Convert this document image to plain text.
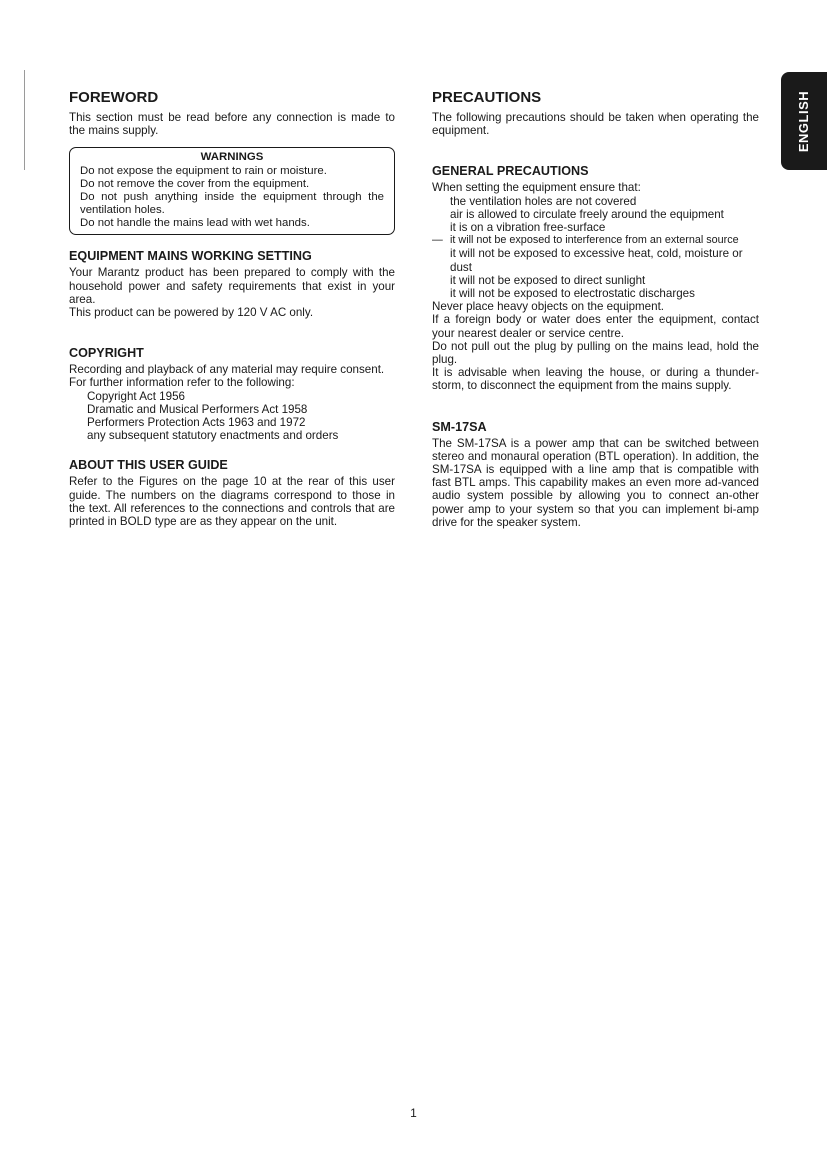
ENGLISH
FOREWORD

This section must be read before any connection is made to the mains supply.

WARNINGS
Do not expose the equipment to rain or moisture.
Do not remove the cover from the equipment.
Do not push anything inside the equipment through the ventilation holes.
Do not handle the mains lead with wet hands.
EQUIPMENT MAINS WORKING SETTING

Your Marantz product has been prepared to comply with the household power and safety requirements that exist in your area.

This product can be powered by 120 V AC only.

COPYRIGHT

Recording and playback of any material may require consent.

For further information refer to the following:

Copyright Act 1956
Dramatic and Musical Performers Act 1958
Performers Protection Acts 1963 and 1972
any subsequent statutory enactments and orders
ABOUT THIS USER GUIDE

Refer to the Figures on the page 10 at the rear of this user guide. The numbers on the diagrams correspond to those in the text. All references to the connections and controls that are printed in BOLD type are as they appear on the unit.

PRECAUTIONS

The following precautions should be taken when operating the equipment.

GENERAL PRECAUTIONS

When setting the equipment ensure that:

the ventilation holes are not covered
air is allowed to circulate freely around the equipment
it is on a vibration free-surface
— it will not be exposed to interference from an external source
it will not be exposed to excessive heat, cold, moisture or dust
it will not be exposed to direct sunlight
it will not be exposed to electrostatic discharges

Never place heavy objects on the equipment.

If a foreign body or water does enter the equipment, contact your nearest dealer or service centre.

Do not pull out the plug by pulling on the mains lead, hold the plug.

It is advisable when leaving the house, or during a thunder-storm, to disconnect the equipment from the mains supply.

SM-17SA

The SM-17SA is a power amp that can be switched between stereo and monaural operation (BTL operation). In addition, the SM-17SA is equipped with a line amp that is compatible with fast BTL amps. This capability makes an even more ad-vanced audio system possible by allowing you to connect an-other power amp to your system so that you can implement bi-amp drive for the speaker system.

1
